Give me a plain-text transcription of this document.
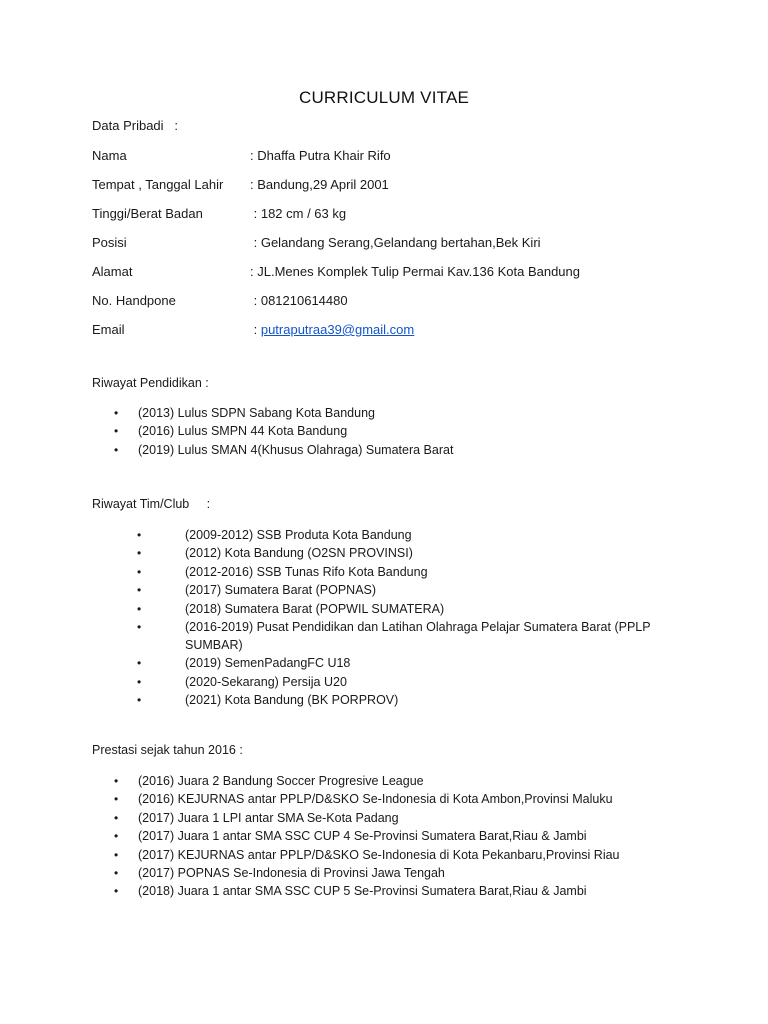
CURRICULUM VITAE
Data Pribadi   :
Nama	: Dhaffa Putra Khair Rifo
Tempat , Tanggal Lahir : Bandung,29 April 2001
Tinggi/Berat Badan	: 182 cm / 63 kg
Posisi	: Gelandang Serang,Gelandang bertahan,Bek Kiri
Alamat	: JL.Menes Komplek Tulip Permai Kav.136 Kota Bandung
No. Handpone	: 081210614480
Email	: putraputraa39@gmail.com
Riwayat Pendidikan :
• (2013) Lulus SDPN Sabang Kota Bandung
• (2016) Lulus SMPN 44 Kota Bandung
• (2019) Lulus SMAN 4(Khusus Olahraga) Sumatera Barat
Riwayat Tim/Club     :
•	(2009-2012) SSB Produta Kota Bandung
•	(2012) Kota Bandung (O2SN PROVINSI)
•	(2012-2016) SSB Tunas Rifo Kota Bandung
•	(2017) Sumatera Barat (POPNAS)
•	(2018) Sumatera Barat (POPWIL SUMATERA)
•	(2016-2019) Pusat Pendidikan dan Latihan Olahraga Pelajar Sumatera Barat (PPLP SUMBAR)
•	(2019) SemenPadangFC U18
•	(2020-Sekarang) Persija U20
•	(2021) Kota Bandung (BK PORPROV)
Prestasi sejak tahun 2016 :
• (2016) Juara 2 Bandung Soccer Progresive League
• (2016) KEJURNAS antar PPLP/D&SKO Se-Indonesia di Kota Ambon,Provinsi Maluku
• (2017) Juara 1 LPI antar SMA Se-Kota Padang
• (2017) Juara 1 antar SMA SSC CUP 4 Se-Provinsi Sumatera Barat,Riau & Jambi
• (2017) KEJURNAS antar PPLP/D&SKO Se-Indonesia di Kota Pekanbaru,Provinsi Riau
• (2017) POPNAS Se-Indonesia di Provinsi Jawa Tengah
• (2018) Juara 1 antar SMA SSC CUP 5 Se-Provinsi Sumatera Barat,Riau & Jambi
